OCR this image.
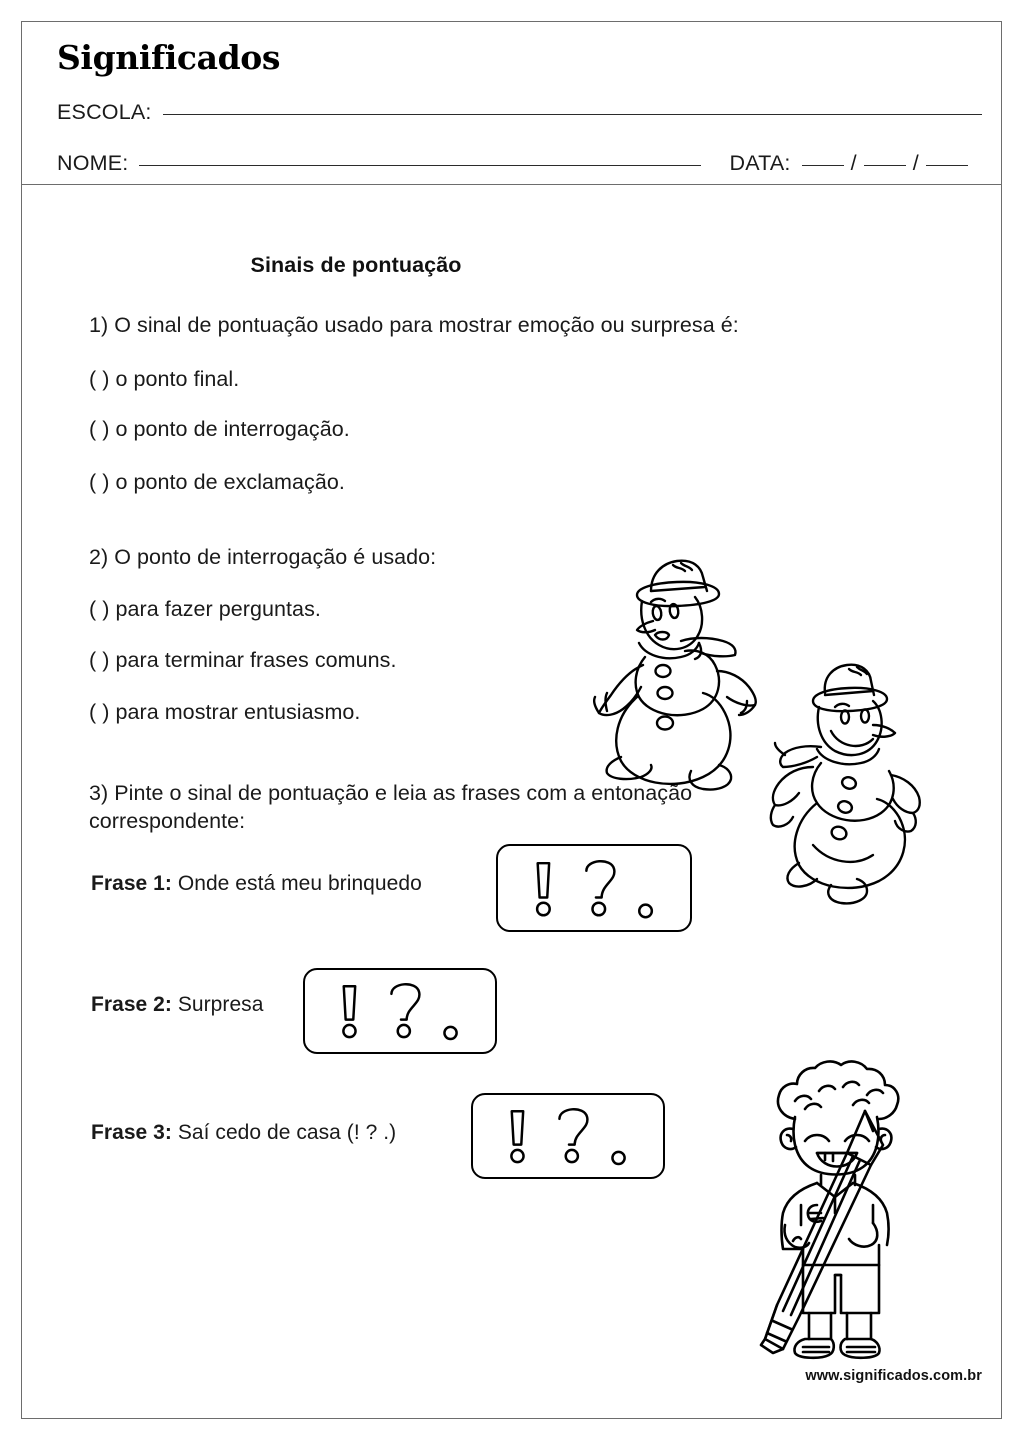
Significados
ESCOLA:
NOME:	DATA:	/	/
Sinais de pontuação
1) O sinal de pontuação usado para mostrar emoção ou surpresa é:
( ) o ponto final.
( ) o ponto de interrogação.
( ) o ponto de exclamação.
2) O ponto de interrogação é usado:
( ) para fazer perguntas.
( ) para terminar frases comuns.
( ) para mostrar entusiasmo.
3) Pinte o sinal de pontuação e leia as frases com a entonação correspondente:
Frase 1: Onde está meu brinquedo
Frase 2: Surpresa
Frase 3: Saí cedo de casa (! ? .)
www.significados.com.br
